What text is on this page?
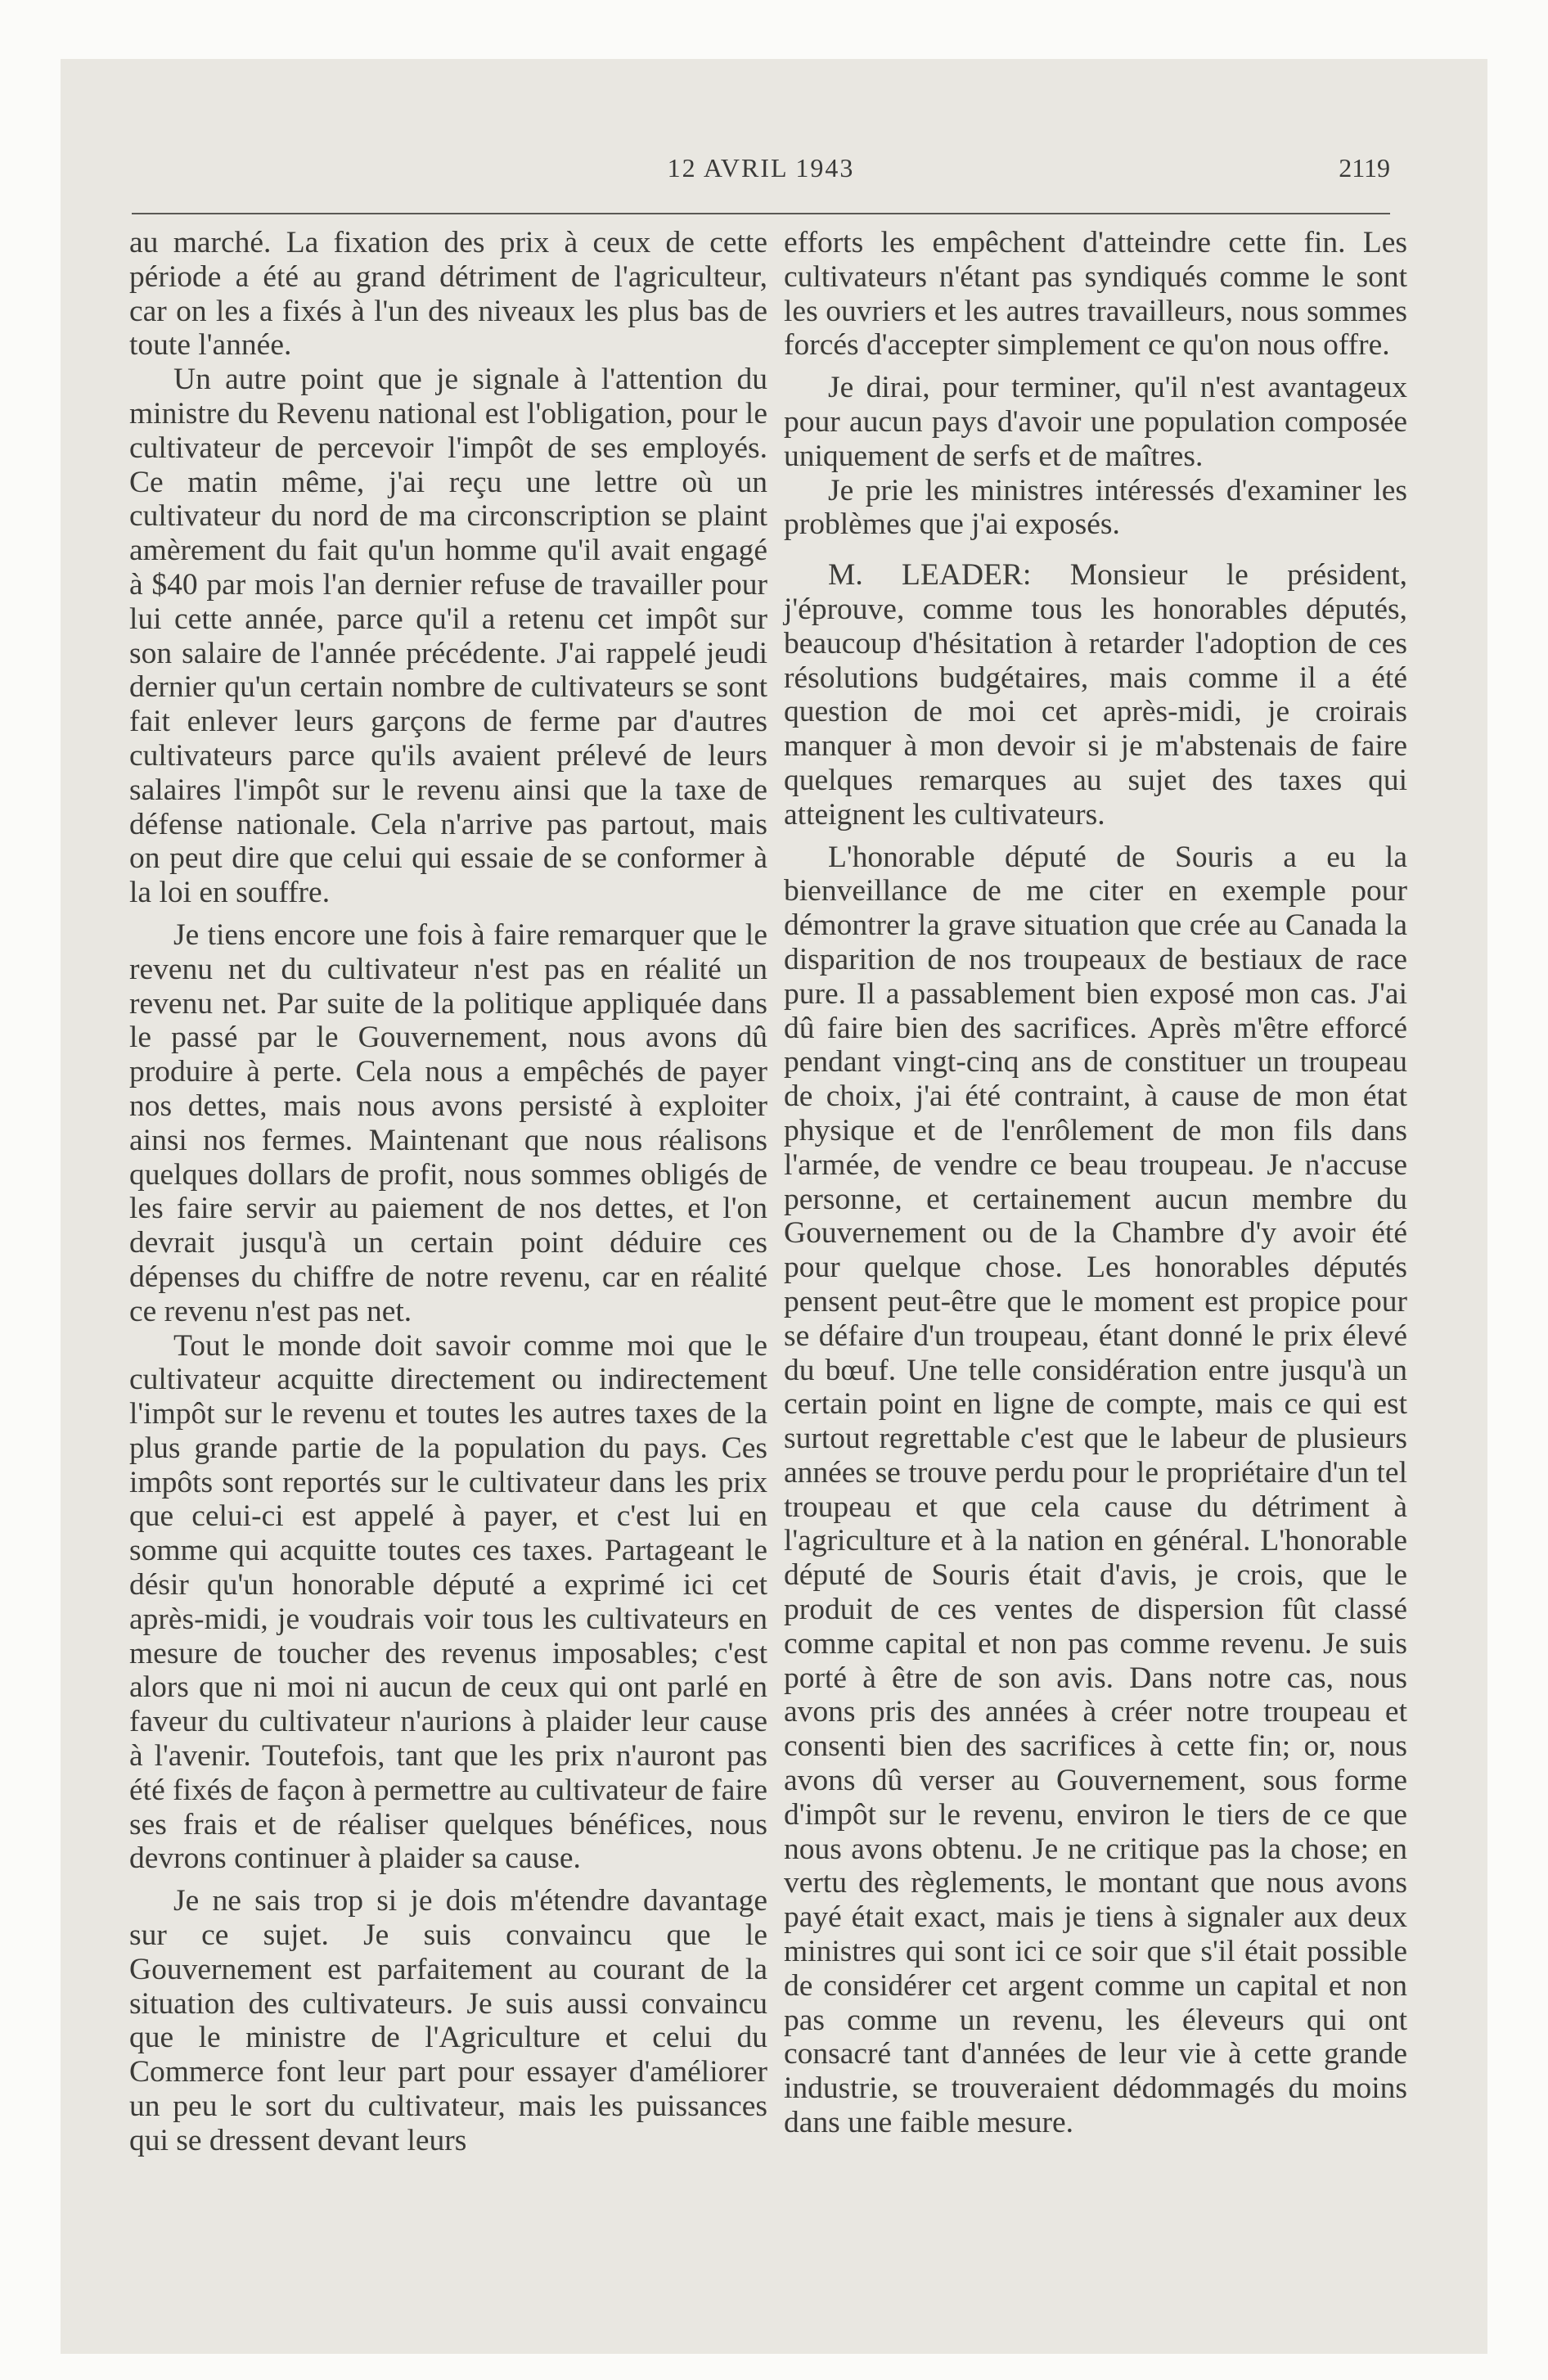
12 AVRIL 1943	2119

au marché. La fixation des prix à ceux de cette période a été au grand détriment de l'agriculteur, car on les a fixés à l'un des niveaux les plus bas de toute l'année.

Un autre point que je signale à l'attention du ministre du Revenu national est l'obligation, pour le cultivateur de percevoir l'impôt de ses employés. Ce matin même, j'ai reçu une lettre où un cultivateur du nord de ma circonscription se plaint amèrement du fait qu'un homme qu'il avait engagé à $40 par mois l'an dernier refuse de travailler pour lui cette année, parce qu'il a retenu cet impôt sur son salaire de l'année précédente. J'ai rappelé jeudi dernier qu'un certain nombre de cultivateurs se sont fait enlever leurs garçons de ferme par d'autres cultivateurs parce qu'ils avaient prélevé de leurs salaires l'impôt sur le revenu ainsi que la taxe de défense nationale. Cela n'arrive pas partout, mais on peut dire que celui qui essaie de se conformer à la loi en souffre.

Je tiens encore une fois à faire remarquer que le revenu net du cultivateur n'est pas en réalité un revenu net. Par suite de la politique appliquée dans le passé par le Gouvernement, nous avons dû produire à perte. Cela nous a empêchés de payer nos dettes, mais nous avons persisté à exploiter ainsi nos fermes. Maintenant que nous réalisons quelques dollars de profit, nous sommes obligés de les faire servir au paiement de nos dettes, et l'on devrait jusqu'à un certain point déduire ces dépenses du chiffre de notre revenu, car en réalité ce revenu n'est pas net.

Tout le monde doit savoir comme moi que le cultivateur acquitte directement ou indirectement l'impôt sur le revenu et toutes les autres taxes de la plus grande partie de la population du pays. Ces impôts sont reportés sur le cultivateur dans les prix que celui-ci est appelé à payer, et c'est lui en somme qui acquitte toutes ces taxes. Partageant le désir qu'un honorable député a exprimé ici cet après-midi, je voudrais voir tous les cultivateurs en mesure de toucher des revenus imposables; c'est alors que ni moi ni aucun de ceux qui ont parlé en faveur du cultivateur n'aurions à plaider leur cause à l'avenir. Toutefois, tant que les prix n'auront pas été fixés de façon à permettre au cultivateur de faire ses frais et de réaliser quelques bénéfices, nous devrons continuer à plaider sa cause.

Je ne sais trop si je dois m'étendre davantage sur ce sujet. Je suis convaincu que le Gouvernement est parfaitement au courant de la situation des cultivateurs. Je suis aussi convaincu que le ministre de l'Agriculture et celui du Commerce font leur part pour essayer d'améliorer un peu le sort du cultivateur, mais les puissances qui se dressent devant leurs

efforts les empêchent d'atteindre cette fin. Les cultivateurs n'étant pas syndiqués comme le sont les ouvriers et les autres travailleurs, nous sommes forcés d'accepter simplement ce qu'on nous offre.

Je dirai, pour terminer, qu'il n'est avantageux pour aucun pays d'avoir une population composée uniquement de serfs et de maîtres.

Je prie les ministres intéressés d'examiner les problèmes que j'ai exposés.

M. LEADER: Monsieur le président, j'éprouve, comme tous les honorables députés, beaucoup d'hésitation à retarder l'adoption de ces résolutions budgétaires, mais comme il a été question de moi cet après-midi, je croirais manquer à mon devoir si je m'abstenais de faire quelques remarques au sujet des taxes qui atteignent les cultivateurs.

L'honorable député de Souris a eu la bienveillance de me citer en exemple pour démontrer la grave situation que crée au Canada la disparition de nos troupeaux de bestiaux de race pure. Il a passablement bien exposé mon cas. J'ai dû faire bien des sacrifices. Après m'être efforcé pendant vingt-cinq ans de constituer un troupeau de choix, j'ai été contraint, à cause de mon état physique et de l'enrôlement de mon fils dans l'armée, de vendre ce beau troupeau. Je n'accuse personne, et certainement aucun membre du Gouvernement ou de la Chambre d'y avoir été pour quelque chose. Les honorables députés pensent peut-être que le moment est propice pour se défaire d'un troupeau, étant donné le prix élevé du bœuf. Une telle considération entre jusqu'à un certain point en ligne de compte, mais ce qui est surtout regrettable c'est que le labeur de plusieurs années se trouve perdu pour le propriétaire d'un tel troupeau et que cela cause du détriment à l'agriculture et à la nation en général. L'honorable député de Souris était d'avis, je crois, que le produit de ces ventes de dispersion fût classé comme capital et non pas comme revenu. Je suis porté à être de son avis. Dans notre cas, nous avons pris des années à créer notre troupeau et consenti bien des sacrifices à cette fin; or, nous avons dû verser au Gouvernement, sous forme d'impôt sur le revenu, environ le tiers de ce que nous avons obtenu. Je ne critique pas la chose; en vertu des règlements, le montant que nous avons payé était exact, mais je tiens à signaler aux deux ministres qui sont ici ce soir que s'il était possible de considérer cet argent comme un capital et non pas comme un revenu, les éleveurs qui ont consacré tant d'années de leur vie à cette grande industrie, se trouveraient dédommagés du moins dans une faible mesure.
